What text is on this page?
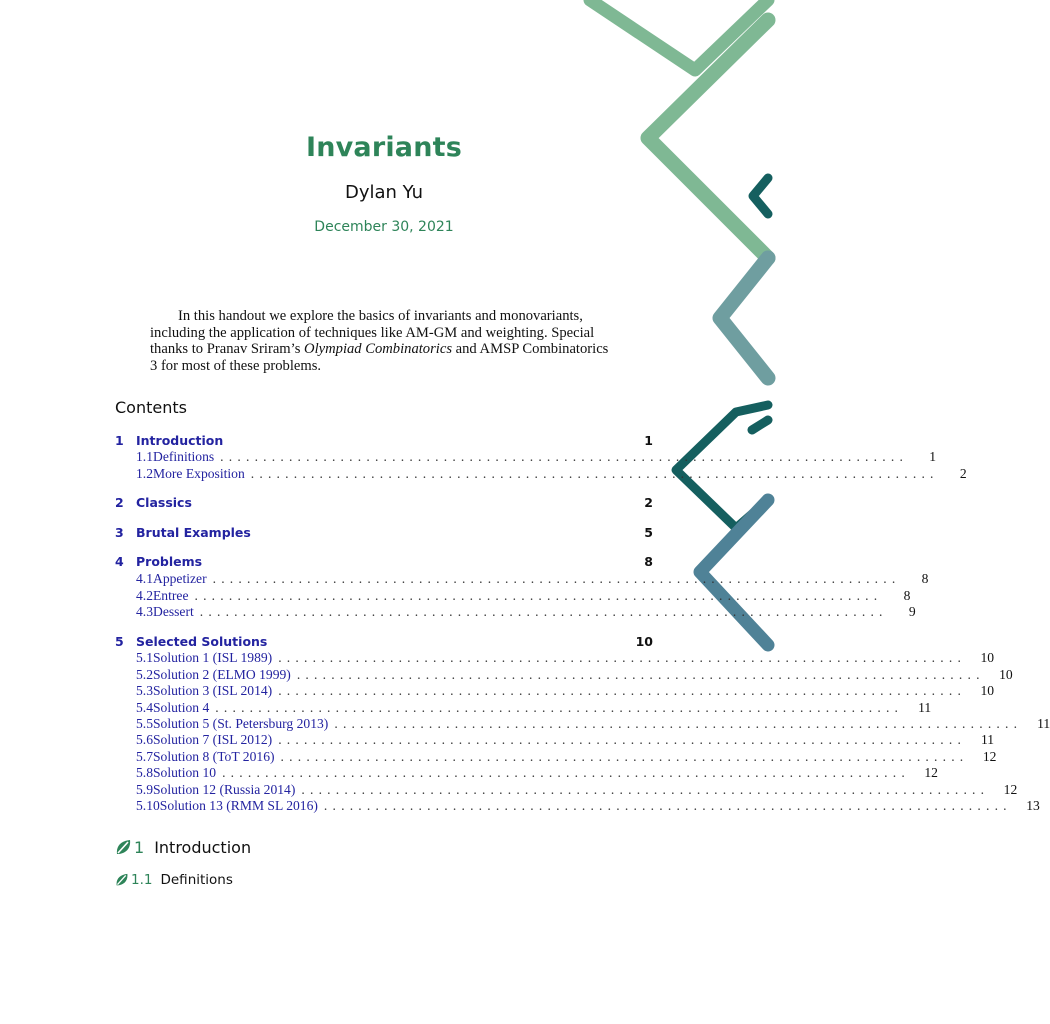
Invariants
Dylan Yu
December 30, 2021
In this handout we explore the basics of invariants and monovariants,
including the application of techniques like AM-GM and weighting. Special
thanks to Pranav Sriram’s Olympiad Combinatorics and AMSP Combinatorics
3 for most of these problems.
Contents
1 Introduction	1
1.1 Definitions ................................................................................	1
1.2 More Exposition ................................................................................	2
2 Classics	2
3 Brutal Examples	5
4 Problems	8
4.1 Appetizer ................................................................................	8
4.2 Entree ................................................................................	8
4.3 Dessert ................................................................................	9
5 Selected Solutions	10
5.1 Solution 1 (ISL 1989) ................................................................................	10
5.2 Solution 2 (ELMO 1999) ................................................................................	10
5.3 Solution 3 (ISL 2014) ................................................................................	10
5.4 Solution 4 ................................................................................	11
5.5 Solution 5 (St. Petersburg 2013) ................................................................................	11
5.6 Solution 7 (ISL 2012) ................................................................................	11
5.7 Solution 8 (ToT 2016) ................................................................................	12
5.8 Solution 10 ................................................................................	12
5.9 Solution 12 (Russia 2014) ................................................................................	12
5.10 Solution 13 (RMM SL 2016) ................................................................................	13
1 Introduction
1.1 Definitions
